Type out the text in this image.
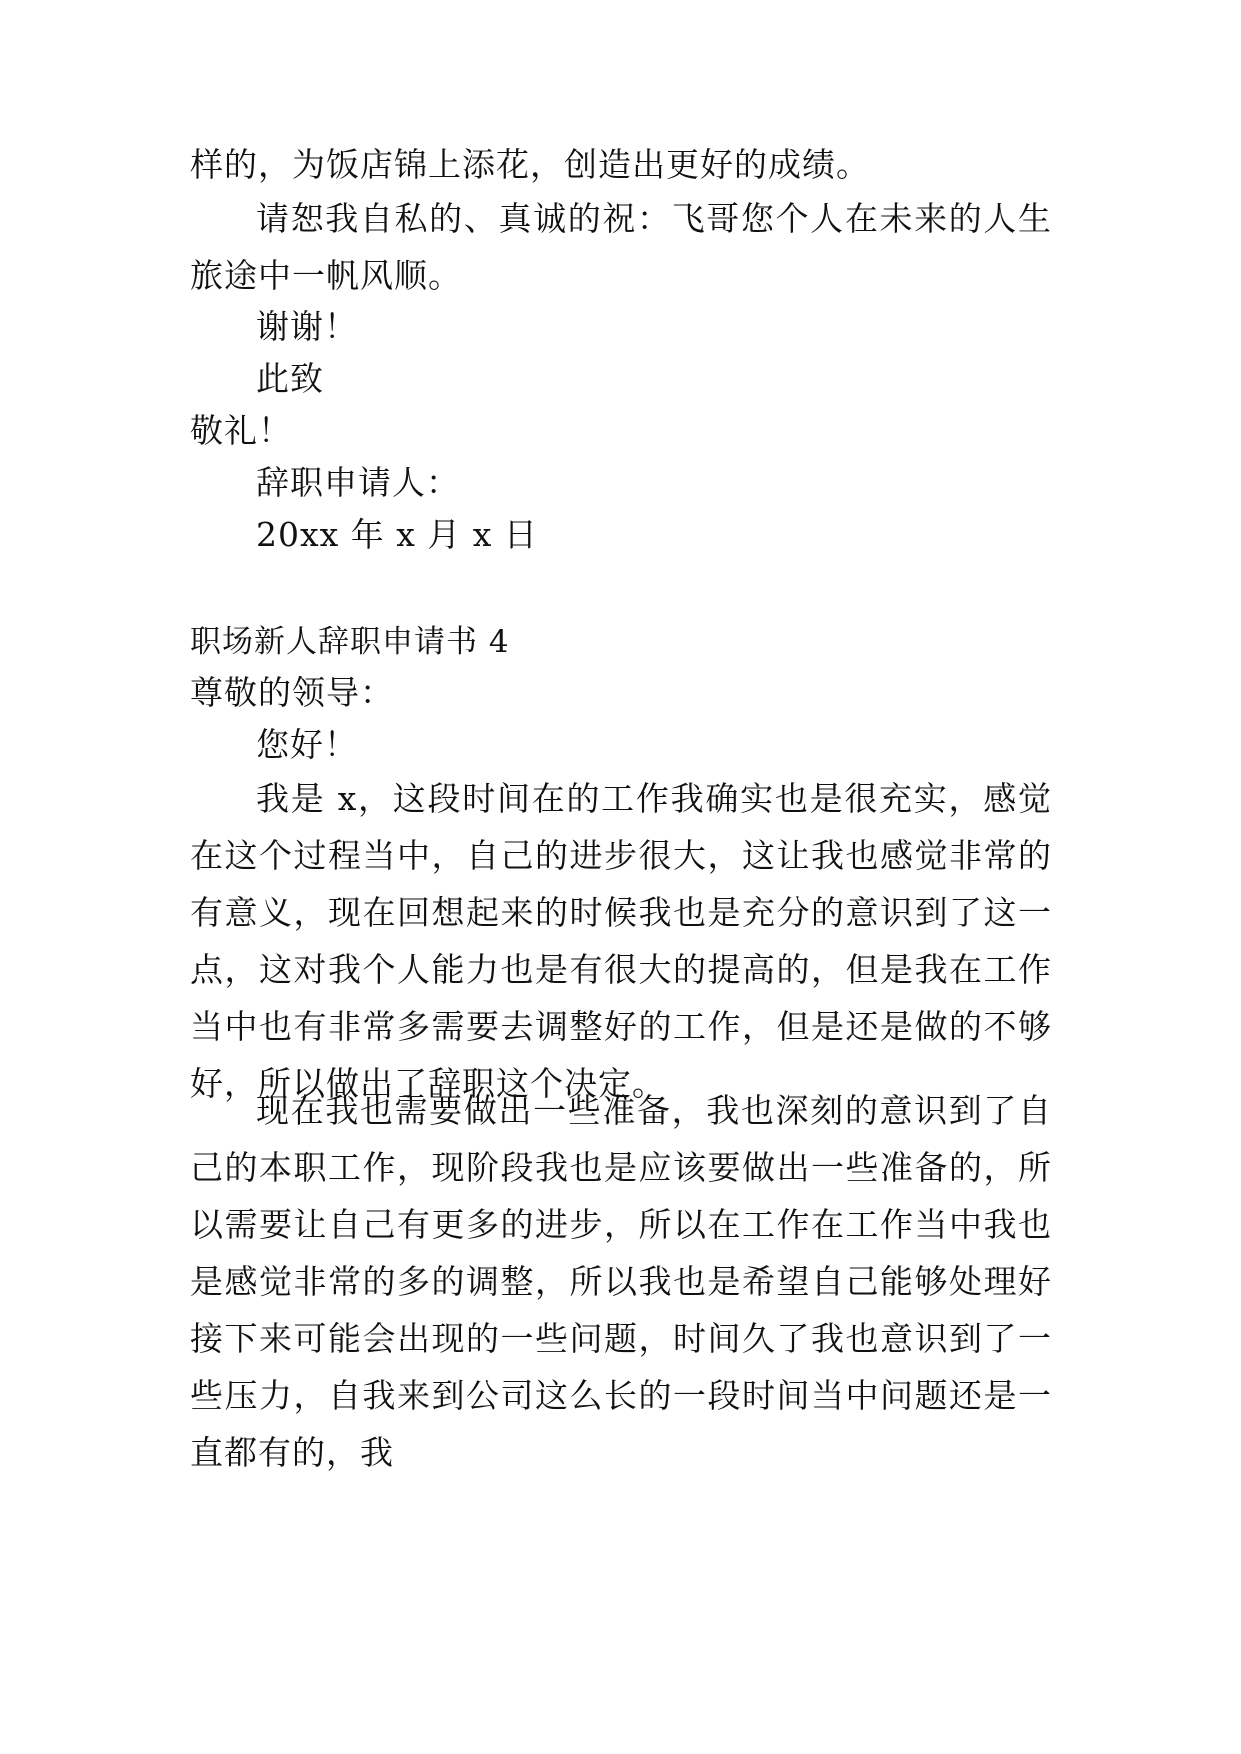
样的，为饭店锦上添花，创造出更好的成绩。

请恕我自私的、真诚的祝：飞哥您个人在未来的人生旅途中一帆风顺。

谢谢！

此致

敬礼！

辞职申请人：

20xx 年 x 月 x 日

职场新人辞职申请书 4

尊敬的领导：

您好！

我是 x，这段时间在的工作我确实也是很充实，感觉在这个过程当中，自己的进步很大，这让我也感觉非常的有意义，现在回想起来的时候我也是充分的意识到了这一点，这对我个人能力也是有很大的提高的，但是我在工作当中也有非常多需要去调整好的工作，但是还是做的不够好，所以做出了辞职这个决定。

现在我也需要做出一些准备，我也深刻的意识到了自己的本职工作，现阶段我也是应该要做出一些准备的，所以需要让自己有更多的进步，所以在工作在工作当中我也是感觉非常的多的调整，所以我也是希望自己能够处理好接下来可能会出现的一些问题，时间久了我也意识到了一些压力，自我来到公司这么长的一段时间当中问题还是一直都有的，我
